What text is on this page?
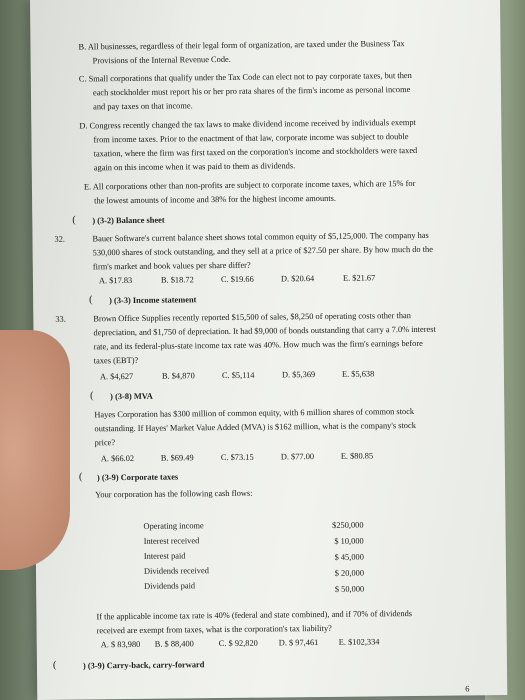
B. All businesses, regardless of their legal form of organization, are taxed under the Business Tax
Provisions of the Internal Revenue Code.
C. Small corporations that qualify under the Tax Code can elect not to pay corporate taxes, but then
each stockholder must report his or her pro rata shares of the firm's income as personal income
and pay taxes on that income.
D. Congress recently changed the tax laws to make dividend income received by individuals exempt
from income taxes. Prior to the enactment of that law, corporate income was subject to double
taxation, where the firm was first taxed on the corporation's income and stockholders were taxed
again on this income when it was paid to them as dividends.
E. All corporations other than non-profits are subject to corporate income taxes, which are 15% for
the lowest amounts of income and 38% for the highest income amounts.
( ) (3-2) Balance sheet
32.	Bauer Software's current balance sheet shows total common equity of $5,125,000. The company has
530,000 shares of stock outstanding, and they sell at a price of $27.50 per share. By how much do the
firm's market and book values per share differ?
A. $17.83	B. $18.72	C. $19.66	D. $20.64	E. $21.67
( ) (3-3) Income statement
33.	Brown Office Supplies recently reported $15,500 of sales, $8,250 of operating costs other than
depreciation, and $1,750 of depreciation. It had $9,000 of bonds outstanding that carry a 7.0% interest
rate, and its federal-plus-state income tax rate was 40%. How much was the firm's earnings before
taxes (EBT)?
A. $4,627	B. $4,870	C. $5,114	D. $5,369	E. $5,638
( ) (3-8) MVA
Hayes Corporation has $300 million of common equity, with 6 million shares of common stock
outstanding. If Hayes' Market Value Added (MVA) is $162 million, what is the company's stock
price?
A. $66.02	B. $69.49	C. $73.15	D. $77.00	E. $80.85
( ) (3-9) Corporate taxes
Your corporation has the following cash flows:
Operating income	$250,000
Interest received	$ 10,000
Interest paid	$ 45,000
Dividends received	$ 20,000
Dividends paid	$ 50,000
If the applicable income tax rate is 40% (federal and state combined), and if 70% of dividends
received are exempt from taxes, what is the corporation's tax liability?
A. $ 83,980 B. $ 88,400	C. $ 92,820 D. $ 97,461 E. $102,334
(	) (3-9) Carry-back, carry-forward
6
